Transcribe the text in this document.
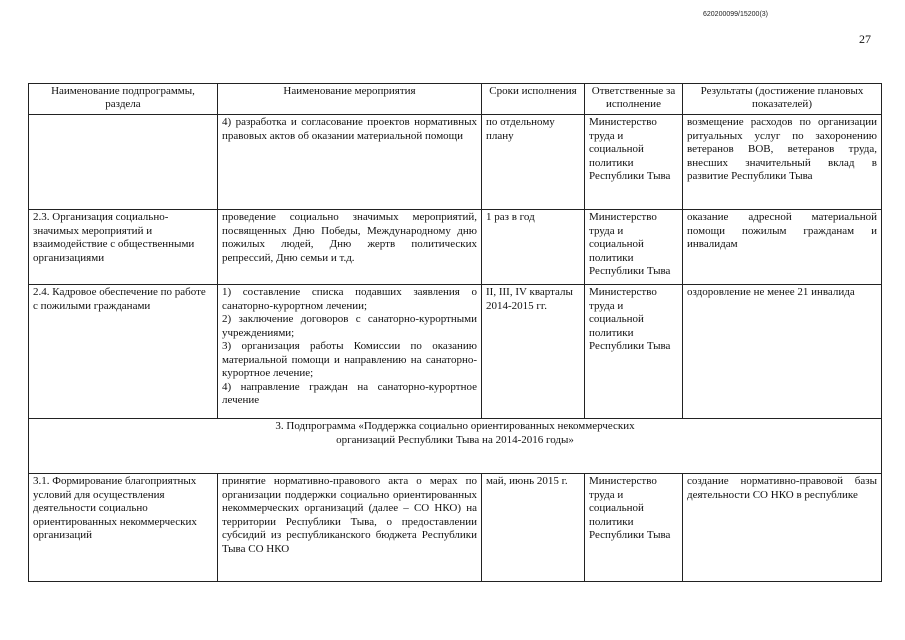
620200099/15200(3)
27
Наименование подпрограммы, раздела	Наименование мероприятия	Сроки исполнения	Ответственные за исполнение	Результаты (достижение плановых показателей)
	4) разработка и согласование проектов нормативных правовых актов об оказании материальной помощи	по отдельному плану	Министерство труда и социальной политики Республики Тыва	возмещение расходов по организации ритуальных услуг по захоронению ветеранов ВОВ, ветеранов труда, внесших значительный вклад в развитие Республики Тыва
2.3. Организация социально-значимых мероприятий и взаимодействие с общественными организациями	проведение социально значимых мероприятий, посвященных Дню Победы, Международному дню пожилых людей, Дню жертв политических репрессий, Дню семьи и т.д.	1 раз в год	Министерство труда и социальной политики Республики Тыва	оказание адресной материальной помощи пожилым гражданам и инвалидам
2.4. Кадровое обеспечение по работе с пожилыми гражданами	1) составление списка подавших заявления о санаторно-курортном лечении;
2) заключение договоров с санаторно-курортными учреждениями;
3) организация работы Комиссии по оказанию материальной помощи и направлению на санаторно-курортное лечение;
4) направление граждан на санаторно-курортное лечение	II, III, IV кварталы 2014-2015 гг.	Министерство труда и социальной политики Республики Тыва	оздоровление не менее 21 инвалида

3. Подпрограмма «Поддержка социально ориентированных некоммерческих
организаций Республики Тыва на 2014-2016 годы»				

3.1. Формирование благоприятных условий для осуществления деятельности социально ориентированных некоммерческих организаций	принятие нормативно-правового акта о мерах по организации поддержки социально ориентированных некоммерческих организаций (далее – СО НКО) на территории Республики Тыва, о предоставлении субсидий из республиканского бюджета Республики Тыва СО НКО	май, июнь 2015 г.	Министерство труда и социальной политики Республики Тыва	создание нормативно-правовой базы деятельности СО НКО в республике
